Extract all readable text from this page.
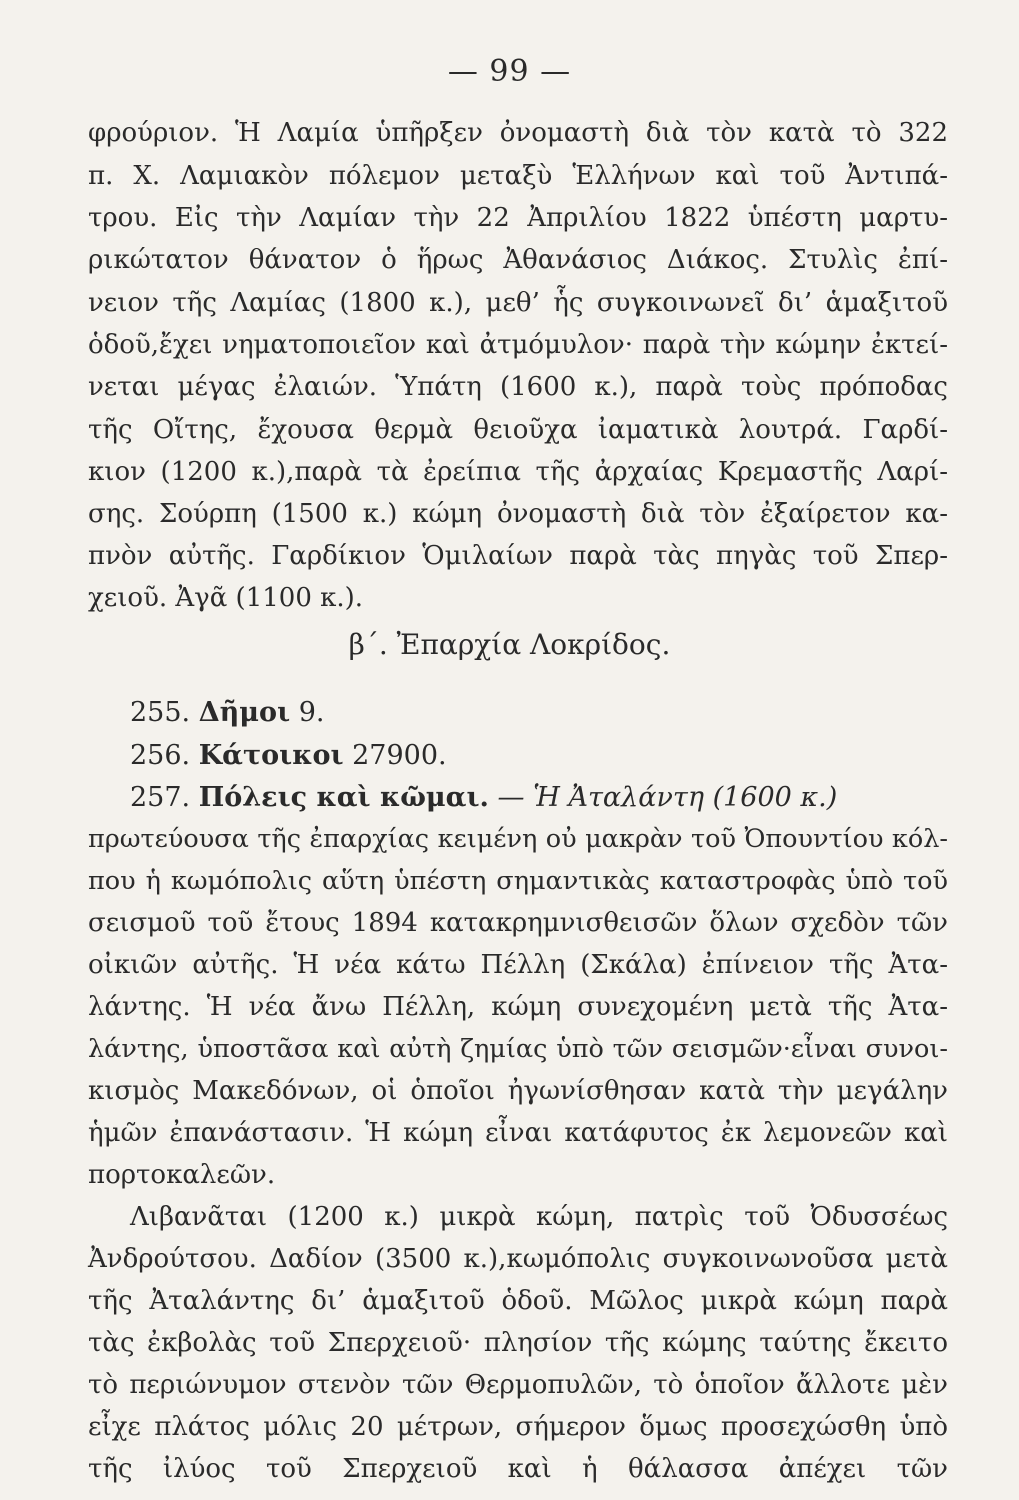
— 99 —
φρούριον. Ἡ Λαμία ὑπῆρξεν ὀνομαστὴ διὰ τὸν κατὰ τὸ 322
π. Χ. Λαμιακὸν πόλεμον μεταξὺ Ἑλλήνων καὶ τοῦ Ἀντιπά-
τρου. Εἰς τὴν Λαμίαν τὴν 22 Ἀπριλίου 1822 ὑπέστη μαρτυ-
ρικώτατον θάνατον ὁ ἥρως Ἀθανάσιος Διάκος. Στυλὶς ἐπί-
νειον τῆς Λαμίας (1800 κ.), μεθ’ ἧς συγκοινωνεῖ δι’ ἁμαξιτοῦ
ὁδοῦ,ἔχει νηματοποιεῖον καὶ ἀτμόμυλον· παρὰ τὴν κώμην ἐκτεί-
νεται μέγας ἐλαιών. Ὑπάτη (1600 κ.), παρὰ τοὺς πρόποδας
τῆς Οἴτης, ἔχουσα θερμὰ θειοῦχα ἰαματικὰ λουτρά. Γαρδί-
κιον (1200 κ.),παρὰ τὰ ἐρείπια τῆς ἀρχαίας Κρεμαστῆς Λαρί-
σης. Σούρπη (1500 κ.) κώμη ὀνομαστὴ διὰ τὸν ἐξαίρετον κα-
πνὸν αὐτῆς. Γαρδίκιον Ὁμιλαίων παρὰ τὰς πηγὰς τοῦ Σπερ-
χειοῦ. Ἀγᾶ (1100 κ.).
β΄. Ἐπαρχία Λοκρίδος.
255. Δῆμοι 9.
256. Κάτοικοι 27900.
257. Πόλεις καὶ κῶμαι. — Ἡ Ἀταλάντη (1600 κ.)
πρωτεύουσα τῆς ἐπαρχίας κειμένη οὐ μακρὰν τοῦ Ὀπουντίου κόλ-
που ἡ κωμόπολις αὕτη ὑπέστη σημαντικὰς καταστροφὰς ὑπὸ τοῦ
σεισμοῦ τοῦ ἔτους 1894 κατακρημνισθεισῶν ὅλων σχεδὸν τῶν
οἰκιῶν αὐτῆς. Ἡ νέα κάτω Πέλλη (Σκάλα) ἐπίνειον τῆς Ἀτα-
λάντης. Ἡ νέα ἄνω Πέλλη, κώμη συνεχομένη μετὰ τῆς Ἀτα-
λάντης, ὑποστᾶσα καὶ αὐτὴ ζημίας ὑπὸ τῶν σεισμῶν·εἶναι συνοι-
κισμὸς Μακεδόνων, οἱ ὁποῖοι ἠγωνίσθησαν κατὰ τὴν μεγάλην
ἡμῶν ἐπανάστασιν. Ἡ κώμη εἶναι κατάφυτος ἐκ λεμονεῶν καὶ
πορτοκαλεῶν.
Λιβανᾶται (1200 κ.) μικρὰ κώμη, πατρὶς τοῦ Ὀδυσσέως
Ἀνδρούτσου. Δαδίον (3500 κ.),κωμόπολις συγκοινωνοῦσα μετὰ
τῆς Ἀταλάντης δι’ ἁμαξιτοῦ ὁδοῦ. Μῶλος μικρὰ κώμη παρὰ
τὰς ἐκβολὰς τοῦ Σπερχειοῦ· πλησίον τῆς κώμης ταύτης ἔκειτο
τὸ περιώνυμον στενὸν τῶν Θερμοπυλῶν, τὸ ὁποῖον ἄλλοτε μὲν
εἶχε πλάτος μόλις 20 μέτρων, σήμερον ὅμως προσεχώσθη ὑπὸ
τῆς ἰλύος τοῦ Σπερχειοῦ καὶ ἡ θάλασσα ἀπέχει τῶν
